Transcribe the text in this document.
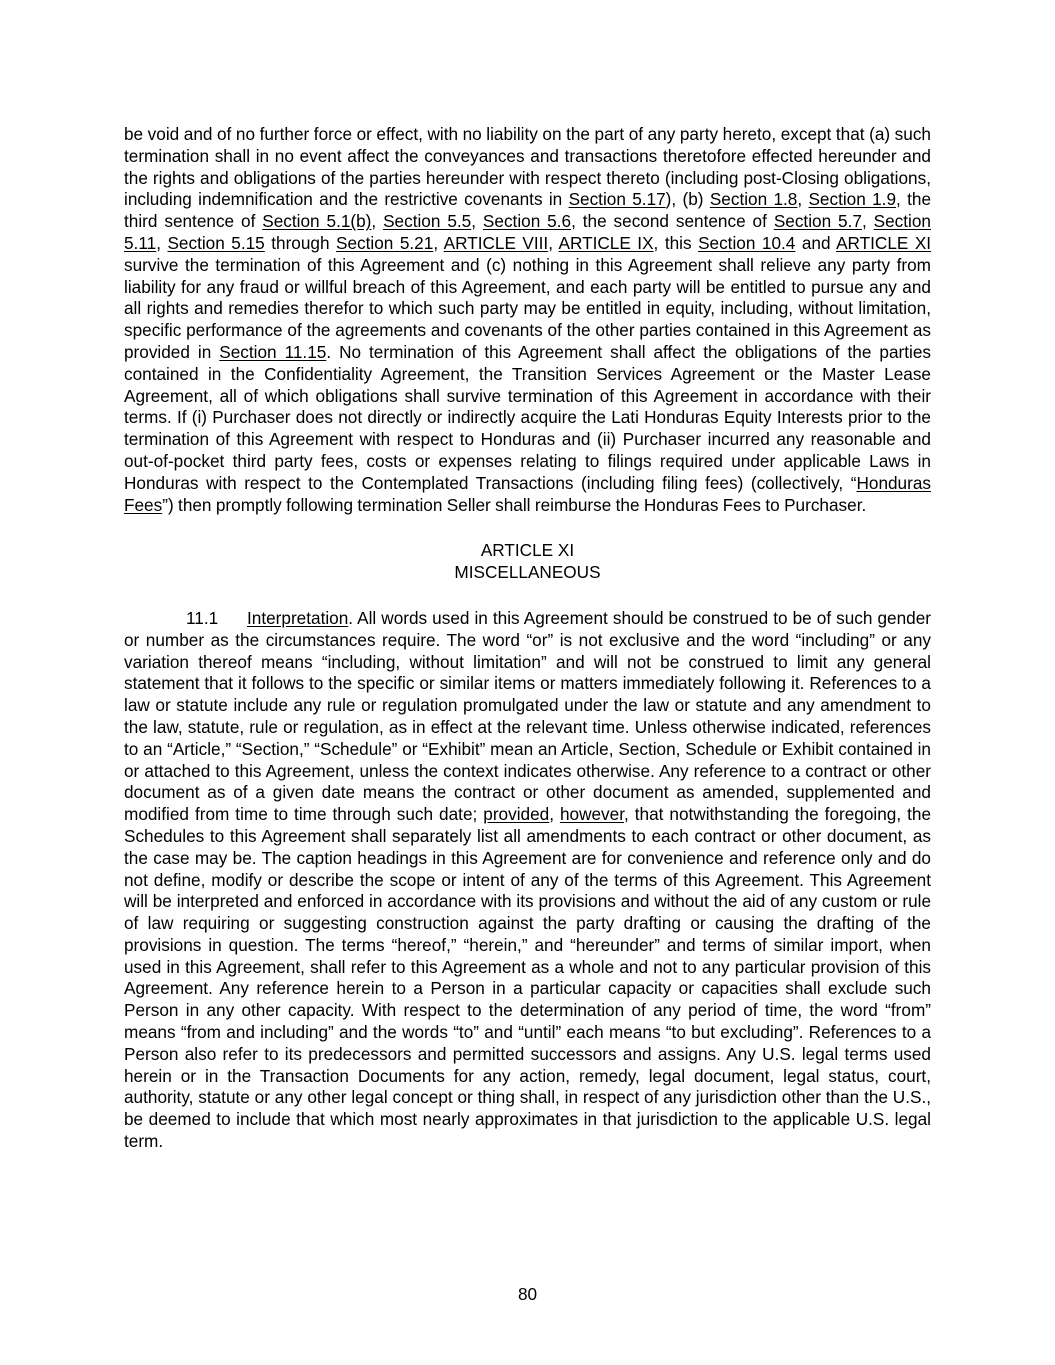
be void and of no further force or effect, with no liability on the part of any party hereto, except that (a) such termination shall in no event affect the conveyances and transactions theretofore effected hereunder and the rights and obligations of the parties hereunder with respect thereto (including post-Closing obligations, including indemnification and the restrictive covenants in Section 5.17), (b) Section 1.8, Section 1.9, the third sentence of Section 5.1(b), Section 5.5, Section 5.6, the second sentence of Section 5.7, Section 5.11, Section 5.15 through Section 5.21, ARTICLE VIII, ARTICLE IX, this Section 10.4 and ARTICLE XI survive the termination of this Agreement and (c) nothing in this Agreement shall relieve any party from liability for any fraud or willful breach of this Agreement, and each party will be entitled to pursue any and all rights and remedies therefor to which such party may be entitled in equity, including, without limitation, specific performance of the agreements and covenants of the other parties contained in this Agreement as provided in Section 11.15. No termination of this Agreement shall affect the obligations of the parties contained in the Confidentiality Agreement, the Transition Services Agreement or the Master Lease Agreement, all of which obligations shall survive termination of this Agreement in accordance with their terms. If (i) Purchaser does not directly or indirectly acquire the Lati Honduras Equity Interests prior to the termination of this Agreement with respect to Honduras and (ii) Purchaser incurred any reasonable and out-of-pocket third party fees, costs or expenses relating to filings required under applicable Laws in Honduras with respect to the Contemplated Transactions (including filing fees) (collectively, “Honduras Fees”) then promptly following termination Seller shall reimburse the Honduras Fees to Purchaser.

ARTICLE XI
MISCELLANEOUS

11.1 Interpretation. All words used in this Agreement should be construed to be of such gender or number as the circumstances require. The word “or” is not exclusive and the word “including” or any variation thereof means “including, without limitation” and will not be construed to limit any general statement that it follows to the specific or similar items or matters immediately following it. References to a law or statute include any rule or regulation promulgated under the law or statute and any amendment to the law, statute, rule or regulation, as in effect at the relevant time. Unless otherwise indicated, references to an “Article,” “Section,” “Schedule” or “Exhibit” mean an Article, Section, Schedule or Exhibit contained in or attached to this Agreement, unless the context indicates otherwise. Any reference to a contract or other document as of a given date means the contract or other document as amended, supplemented and modified from time to time through such date; provided, however, that notwithstanding the foregoing, the Schedules to this Agreement shall separately list all amendments to each contract or other document, as the case may be. The caption headings in this Agreement are for convenience and reference only and do not define, modify or describe the scope or intent of any of the terms of this Agreement. This Agreement will be interpreted and enforced in accordance with its provisions and without the aid of any custom or rule of law requiring or suggesting construction against the party drafting or causing the drafting of the provisions in question. The terms “hereof,” “herein,” and “hereunder” and terms of similar import, when used in this Agreement, shall refer to this Agreement as a whole and not to any particular provision of this Agreement. Any reference herein to a Person in a particular capacity or capacities shall exclude such Person in any other capacity. With respect to the determination of any period of time, the word “from” means “from and including” and the words “to” and “until” each means “to but excluding”. References to a Person also refer to its predecessors and permitted successors and assigns. Any U.S. legal terms used herein or in the Transaction Documents for any action, remedy, legal document, legal status, court, authority, statute or any other legal concept or thing shall, in respect of any jurisdiction other than the U.S., be deemed to include that which most nearly approximates in that jurisdiction to the applicable U.S. legal term.

80
